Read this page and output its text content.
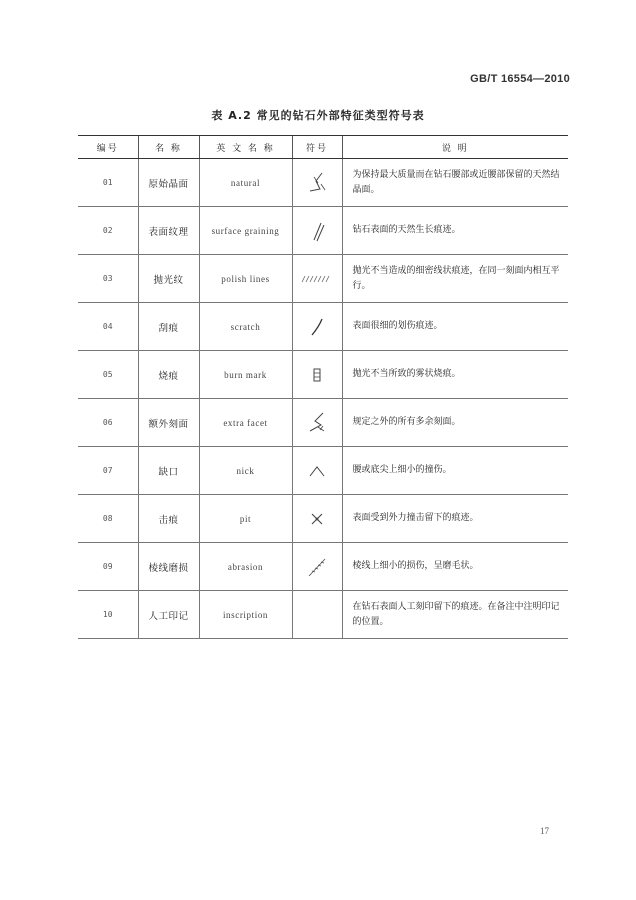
GB/T 16554—2010
表 A.2 常见的钻石外部特征类型符号表
编号	名 称	英 文 名 称	符号	说 明
01	原始晶面	natural		为保持最大质量而在钻石腰部或近腰部保留的天然结晶面。
02	表面纹理	surface graining		钻石表面的天然生长痕迹。
03	抛光纹	polish lines		抛光不当造成的细密线状痕迹，在同一刻面内相互平行。
04	刮痕	scratch		表面很细的划伤痕迹。
05	烧痕	burn mark		抛光不当所致的雾状烧痕。
06	额外刻面	extra facet		规定之外的所有多余刻面。
07	缺口	nick		腰或底尖上细小的撞伤。
08	击痕	pit		表面受到外力撞击留下的痕迹。
09	棱线磨损	abrasion		棱线上细小的损伤，呈磨毛状。
10	人工印记	inscription		在钻石表面人工刻印留下的痕迹。在备注中注明印记的位置。
17
